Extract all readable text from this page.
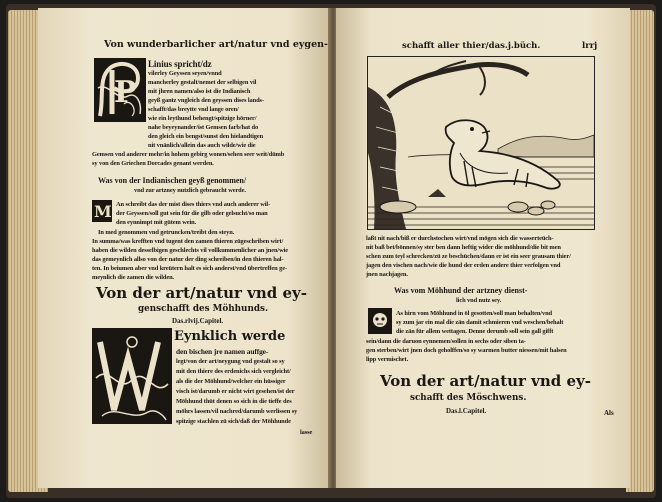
Von wunderbarlicher art/natur vnd eygen-
P
Linius spricht/dz
vilerley Geyssen seyen/vnnd
mancherley gestalt/nemet der selbigen vil
mit jhren namen/also ist die Indianisch
geyß gantz vngleich den geyssen dises lands-
schafft/das breytte vnd lange oren/
wie ein leythund behengt/spitzige hörner/
nahe beyeynander/ist Gemsen farb/hat do
den gleich ein bengst/sunst den hielandtigen
nit vnänlich/allein das auch wilde/wie die
Gemsen vnd anderer mehr/in hohem gebirg wonen/sehen seer weit/dümb
sy von den Griechen Dorcades genant werden.
Was von der Indianischen geyß genommen/
vnd zur artzney nutzlich gebraucht werde.
M An schreibt das der mist dises thiers vnd auch anderer wil-
der Geyssen/soll gut sein für die gilb oder gelsucht/so man
den eynnimpt mit gütem wein.
In med genommen vnd getruncken/treibt den steyn.
In summa/was krefften vnd tugent den zamen thieren zügeschriben wirt/
haben die wilden desselbigen geschlechts vil vollkummenlicher an jnen/wie
das gemeynlich allso von der natur der ding schreiben/in den thieren hal-
ten. In beiumen aber vnd kreütern halt es sich anderst/vnd übertreffen ge-
meynlich die zamen die wilden.
Von der art/natur vnd ey-
genschafft des Möhhunds.
Das.rlvij.Capitel.
W
Eynklich werde
den bischen jre namen auffge-
legt/von der art/neygung vnd gestalt so sy
mit den thiere des erdenichs sich vergleicht/
als die der Möhhund/welcher ein hüssiger
visch ist/darumb er nicht wirt gesehen/ist der
Möhhund thüt denen so sich in die tieffe des
möhrs lassen/vil nachred/darumb werlissen sy
spitzige stachlen zü sich/daß der Möhhunde
lasse
schafft aller thier/das.j.büch.	lrrj
laßt nit nach/biß er durchstochen wirt/vnd mögen sich die wasserteüch-
nit baß bet/bönnen/sy ster ben dann heftig wider die möhhund/die bit men
schen zum teyl schrecken/zü ze beschüchen/dann er ist ein seer grausam thier/
jagen den vischen nach/wie die hund der erden andere thier verfolgen vnd
jnen nachjagen.
Was vom Möhhund der artzney dienst-
lich vnd nutz sey.
D
As hirn vom Möhhund in öl gesotten/soll man behalten/vnd
sy zum jar ein mal die zän damit schmieren vnd weschen/behalt
die zän für allem wettagen. Denne derumb soll sein gall gifft
sein/dann die daruon eynnemen/sollen in sechs oder siben ta-
gen sterben/wirt jnen doch geholffen/so sy warmen butter niessen/mit halsen
lipp vermischet.
Von der art/natur vnd ey-
schafft des Möschwens.
Das.l.Capitel.	Als
